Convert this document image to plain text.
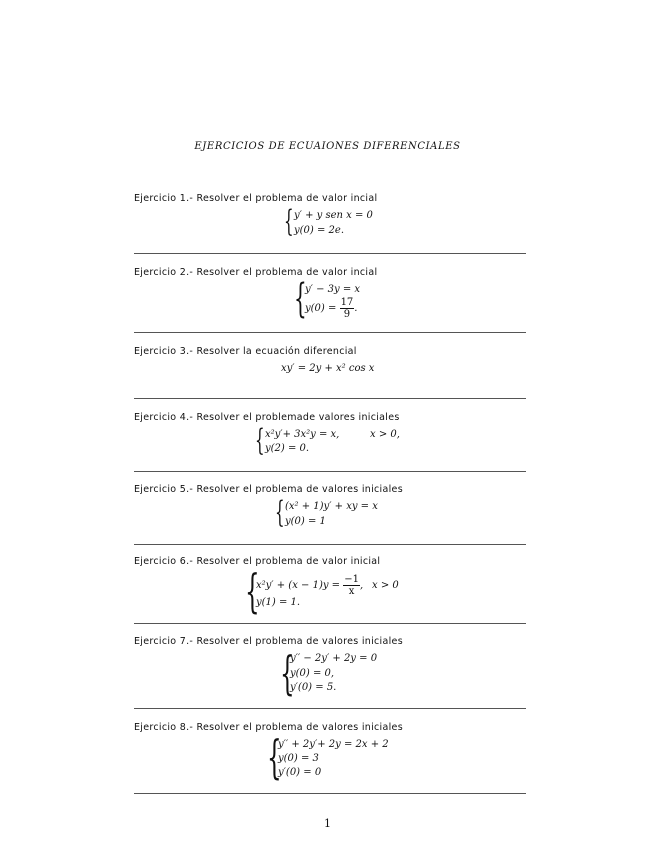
EJERCICIOS DE ECUAIONES DIFERENCIALES
Ejercicio 1.- Resolver el problema de valor incial
{ y′ + y sen x = 0
y(0) = 2e.
Ejercicio 2.- Resolver el problema de valor incial
{
y′ − 3y = x
$y(0) = \frac{17}{9}$ .
Ejercicio 3.- Resolver la ecuación diferencial
xy′ = 2y + x² cos x
Ejercicio 4.- Resolver el problemade valores iniciales
{ x²y′+ 3x²y = x,	x > 0,
y(2) = 0.
Ejercicio 5.- Resolver el problema de valores iniciales
{ (x² + 1)y′ + xy = x
y(0) = 1
Ejercicio 6.- Resolver el problema de valor inicial
{
$x^2y' + (x - 1)y = \frac{-1}{x}$ , x > 0
y(1) = 1.
Ejercicio 7.- Resolver el problema de valores iniciales
{
y′′ − 2y′ + 2y = 0
y(0) = 0,
y′(0) = 5.
Ejercicio 8.- Resolver el problema de valores iniciales
{
y′′ + 2y′+ 2y = 2x + 2
y(0) = 3
y′(0) = 0
1
